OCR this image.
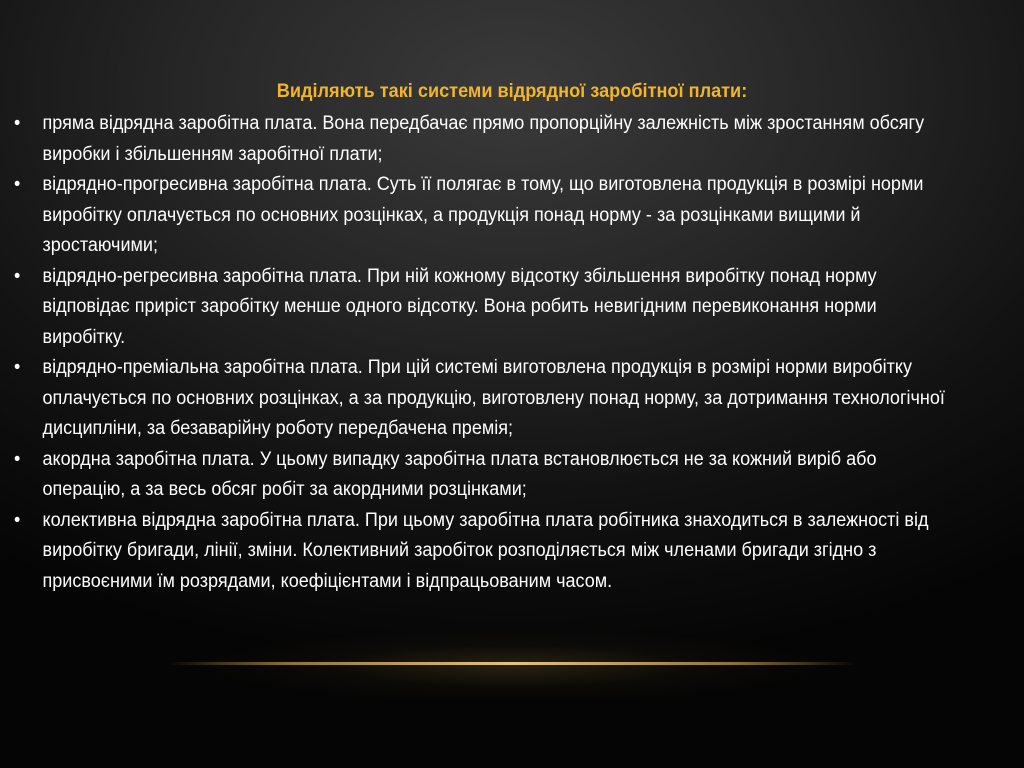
Виділяють такі системи відрядної заробітної плати:
• пряма відрядна заробітна плата. Вона передбачає прямо пропорційну залежність між зростанням обсягу виробки і збільшенням заробітної плати;
• відрядно-прогресивна заробітна плата. Суть її полягає в тому, що виготовлена продукція в розмірі норми виробітку оплачується по основних розцінках, а продукція понад норму - за розцінками вищими й зростаючими;
• відрядно-регресивна заробітна плата. При ній кожному відсотку збільшення виробітку понад норму відповідає приріст заробітку менше одного відсотку. Вона робить невигідним перевиконання норми виробітку.
• відрядно-преміальна заробітна плата. При цій системі виготовлена продукція в розмірі норми виробітку оплачується по основних розцінках, а за продукцію, виготовлену понад норму, за дотримання технологічної дисципліни, за безаварійну роботу передбачена премія;
• акордна заробітна плата. У цьому випадку заробітна плата встановлюється не за кожний виріб або операцію, а за весь обсяг робіт за акордними розцінками;
• колективна відрядна заробітна плата. При цьому заробітна плата робітника знаходиться в залежності від виробітку бригади, лінії, зміни. Колективний заробіток розподіляється між членами бригади згідно з присвоєними їм розрядами, коефіцієнтами і відпрацьованим часом.
